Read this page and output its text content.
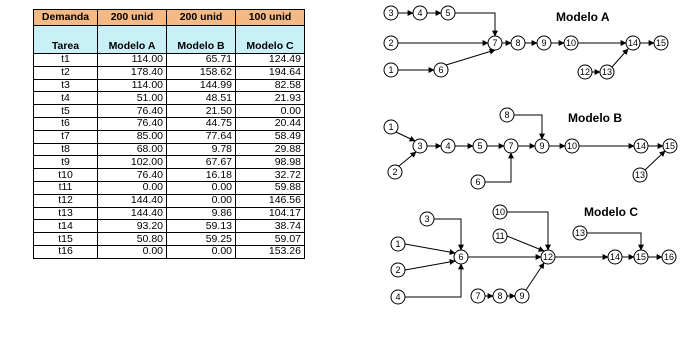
Demanda	200 unid	200 unid	100 unid
Tarea	Modelo A	Modelo B	Modelo C
t1	114.00	65.71	124.49
t2	178.40	158.62	194.64
t3	114.00	144.99	82.58
t4	51.00	48.51	21.93
t5	76.40	21.50	0.00
t6	76.40	44.75	20.44
t7	85.00	77.64	58.49
t8	68.00	9.78	29.88
t9	102.00	67.67	98.98
t10	76.40	16.18	32.72
t11	0.00	0.00	59.88
t12	144.40	0.00	146.56
t13	144.40	9.86	104.17
t14	93.20	59.13	38.74
t15	50.80	59.25	59.07
t16	0.00	0.00	153.26
Modelo A
Modelo B
Modelo C
3	4	5
2	7 8 9 10	14 15
1	6	12 13
8
1
3	4	5	7	9 10	14 15
2
6
13
10
11
3
13
1
6	12	14 15 16
2
4	7 8 9
